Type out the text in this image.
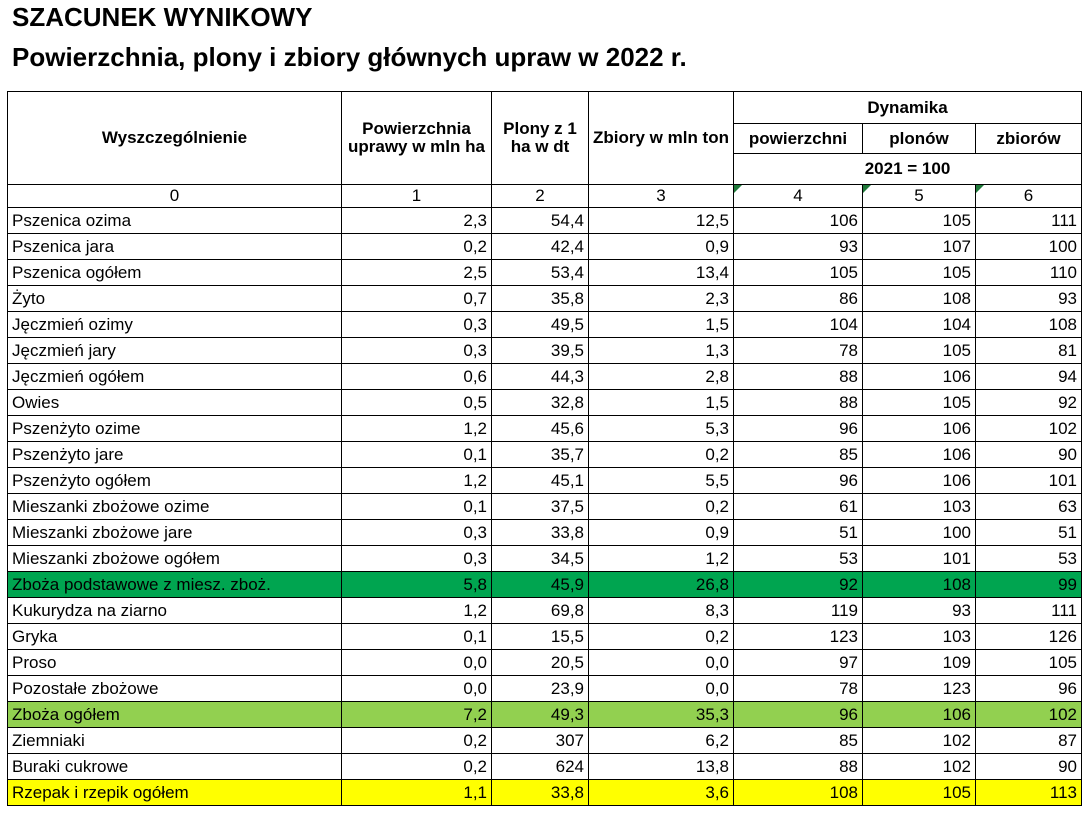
SZACUNEK WYNIKOWY
Powierzchnia, plony i zbiory głównych upraw w 2022 r.
Wyszczególnienie	Powierzchnia uprawy w mln ha	Plony z 1 ha w dt	Zbiory w mln ton	Dynamika		
				powierzchni	plonów	zbiorów
				2021 = 100		
0	1	2	3	4	5	6
Pszenica ozima	2,3	54,4	12,5	106	105	111
Pszenica jara	0,2	42,4	0,9	93	107	100
Pszenica ogółem	2,5	53,4	13,4	105	105	110
Żyto	0,7	35,8	2,3	86	108	93
Jęczmień ozimy	0,3	49,5	1,5	104	104	108
Jęczmień jary	0,3	39,5	1,3	78	105	81
Jęczmień ogółem	0,6	44,3	2,8	88	106	94
Owies	0,5	32,8	1,5	88	105	92
Pszenżyto ozime	1,2	45,6	5,3	96	106	102
Pszenżyto jare	0,1	35,7	0,2	85	106	90
Pszenżyto ogółem	1,2	45,1	5,5	96	106	101
Mieszanki zbożowe ozime	0,1	37,5	0,2	61	103	63
Mieszanki zbożowe jare	0,3	33,8	0,9	51	100	51
Mieszanki zbożowe ogółem	0,3	34,5	1,2	53	101	53
Zboża podstawowe z miesz. zboż.	5,8	45,9	26,8	92	108	99
Kukurydza na ziarno	1,2	69,8	8,3	119	93	111
Gryka	0,1	15,5	0,2	123	103	126
Proso	0,0	20,5	0,0	97	109	105
Pozostałe zbożowe	0,0	23,9	0,0	78	123	96
Zboża ogółem	7,2	49,3	35,3	96	106	102
Ziemniaki	0,2	307	6,2	85	102	87
Buraki cukrowe	0,2	624	13,8	88	102	90
Rzepak i rzepik ogółem	1,1	33,8	3,6	108	105	113
